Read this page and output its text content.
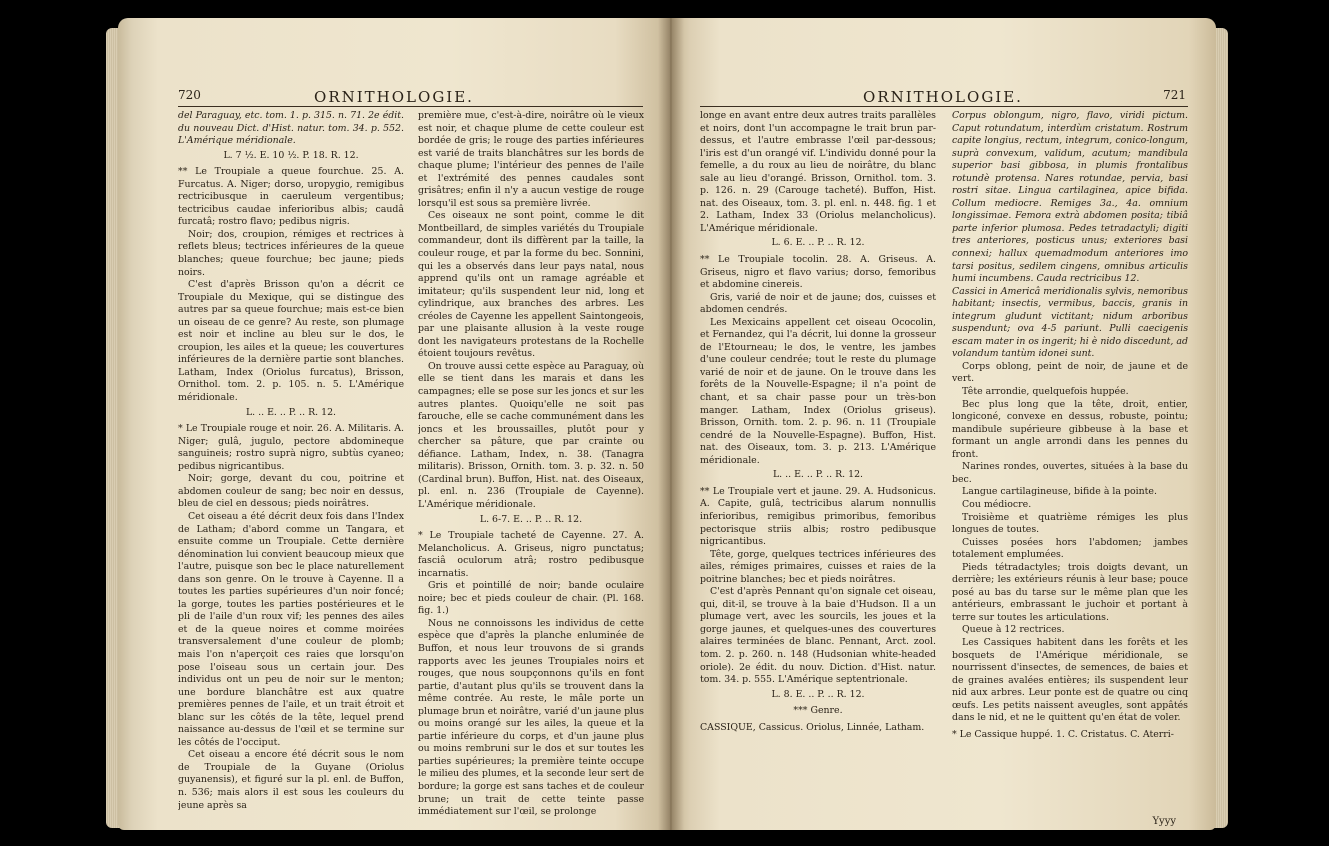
720	ORNITHOLOGIE.

del Paraguay, etc. tom. 1. p. 315. n. 71. 2e édit. du nouveau Dict. d'Hist. natur. tom. 34. p. 552. L'Amérique méridionale.

L. 7 ½. E. 10 ½. P. 18. R. 12.

** Le Troupiale a queue fourchue. 25. A. Furcatus. A. Niger; dorso, uropygio, remigibus rectricibusque in caeruleum vergentibus; tectricibus caudae inferioribus albis; caudâ furcatâ; rostro flavo; pedibus nigris.

Noir; dos, croupion, rémiges et rectrices à reflets bleus; tectrices inférieures de la queue blanches; queue fourchue; bec jaune; pieds noirs.

C'est d'après Brisson qu'on a décrit ce Troupiale du Mexique, qui se distingue des autres par sa queue fourchue; mais est-ce bien un oiseau de ce genre? Au reste, son plumage est noir et incline au bleu sur le dos, le croupion, les ailes et la queue; les couvertures inférieures de la dernière partie sont blanches. Latham, Index (Oriolus furcatus), Brisson, Ornithol. tom. 2. p. 105. n. 5. L'Amérique méridionale.

L. .. E. .. P. .. R. 12.

* Le Troupiale rouge et noir. 26. A. Militaris. A. Niger; gulâ, jugulo, pectore abdomineque sanguineis; rostro suprà nigro, subtùs cyaneo; pedibus nigricantibus.

Noir; gorge, devant du cou, poitrine et abdomen couleur de sang; bec noir en dessus, bleu de ciel en dessous; pieds noirâtres.

Cet oiseau a été décrit deux fois dans l'Index de Latham; d'abord comme un Tangara, et ensuite comme un Troupiale. Cette dernière dénomination lui convient beaucoup mieux que l'autre, puisque son bec le place naturellement dans son genre. On le trouve à Cayenne. Il a toutes les parties supérieures d'un noir foncé; la gorge, toutes les parties postérieures et le pli de l'aile d'un roux vif; les pennes des ailes et de la queue noires et comme moirées transversalement d'une couleur de plomb; mais l'on n'aperçoit ces raies que lorsqu'on pose l'oiseau sous un certain jour. Des individus ont un peu de noir sur le menton; une bordure blanchâtre est aux quatre premières pennes de l'aile, et un trait étroit et blanc sur les côtés de la tête, lequel prend naissance au-dessus de l'œil et se termine sur les côtés de l'occiput.

Cet oiseau a encore été décrit sous le nom de Troupiale de la Guyane (Oriolus guyanensis), et figuré sur la pl. enl. de Buffon, n. 536; mais alors il est sous les couleurs du jeune après sa

première mue, c'est-à-dire, noirâtre où le vieux est noir, et chaque plume de cette couleur est bordée de gris; le rouge des parties inférieures est varié de traits blanchâtres sur les bords de chaque plume; l'intérieur des pennes de l'aile et l'extrémité des pennes caudales sont grisâtres; enfin il n'y a aucun vestige de rouge lorsqu'il est sous sa première livrée.

Ces oiseaux ne sont point, comme le dit Montbeillard, de simples variétés du Troupiale commandeur, dont ils diffèrent par la taille, la couleur rouge, et par la forme du bec. Sonnini, qui les a observés dans leur pays natal, nous apprend qu'ils ont un ramage agréable et imitateur; qu'ils suspendent leur nid, long et cylindrique, aux branches des arbres. Les créoles de Cayenne les appellent Saintongeois, par une plaisante allusion à la veste rouge dont les navigateurs protestans de la Rochelle étoient toujours revêtus.

On trouve aussi cette espèce au Paraguay, où elle se tient dans les marais et dans les campagnes; elle se pose sur les joncs et sur les autres plantes. Quoiqu'elle ne soit pas farouche, elle se cache communément dans les joncs et les broussailles, plutôt pour y chercher sa pâture, que par crainte ou défiance. Latham, Index, n. 38. (Tanagra militaris). Brisson, Ornith. tom. 3. p. 32. n. 50 (Cardinal brun). Buffon, Hist. nat. des Oiseaux, pl. enl. n. 236 (Troupiale de Cayenne). L'Amérique méridionale.

L. 6-7. E. .. P. .. R. 12.

* Le Troupiale tacheté de Cayenne. 27. A. Melancholicus. A. Griseus, nigro punctatus; fasciâ oculorum atrâ; rostro pedibusque incarnatis.

Gris et pointillé de noir; bande oculaire noire; bec et pieds couleur de chair. (Pl. 168. fig. 1.)

Nous ne connoissons les individus de cette espèce que d'après la planche enluminée de Buffon, et nous leur trouvons de si grands rapports avec les jeunes Troupiales noirs et rouges, que nous soupçonnons qu'ils en font partie, d'autant plus qu'ils se trouvent dans la même contrée. Au reste, le mâle porte un plumage brun et noirâtre, varié d'un jaune plus ou moins orangé sur les ailes, la queue et la partie inférieure du corps, et d'un jaune plus ou moins rembruni sur le dos et sur toutes les parties supérieures; la première teinte occupe le milieu des plumes, et la seconde leur sert de bordure; la gorge est sans taches et de couleur brune; un trait de cette teinte passe immédiatement sur l'œil, se prolonge

ORNITHOLOGIE.	721

longe en avant entre deux autres traits parallèles et noirs, dont l'un accompagne le trait brun par-dessus, et l'autre embrasse l'œil par-dessous; l'iris est d'un orangé vif. L'individu donné pour la femelle, a du roux au lieu de noirâtre, du blanc sale au lieu d'orangé. Brisson, Ornithol. tom. 3. p. 126. n. 29 (Carouge tacheté). Buffon, Hist. nat. des Oiseaux, tom. 3. pl. enl. n. 448. fig. 1 et 2. Latham, Index 33 (Oriolus melancholicus). L'Amérique méridionale.

L. 6. E. .. P. .. R. 12.

** Le Troupiale tocolin. 28. A. Griseus. A. Griseus, nigro et flavo varius; dorso, femoribus et abdomine cinereis.

Gris, varié de noir et de jaune; dos, cuisses et abdomen cendrés.

Les Mexicains appellent cet oiseau Ococolin, et Fernandez, qui l'a décrit, lui donne la grosseur de l'Etourneau; le dos, le ventre, les jambes d'une couleur cendrée; tout le reste du plumage varié de noir et de jaune. On le trouve dans les forêts de la Nouvelle-Espagne; il n'a point de chant, et sa chair passe pour un très-bon manger. Latham, Index (Oriolus griseus). Brisson, Ornith. tom. 2. p. 96. n. 11 (Troupiale cendré de la Nouvelle-Espagne). Buffon, Hist. nat. des Oiseaux, tom. 3. p. 213. L'Amérique méridionale.

L. .. E. .. P. .. R. 12.

** Le Troupiale vert et jaune. 29. A. Hudsonicus. A. Capite, gulâ, tectricibus alarum nonnullis inferioribus, remigibus primoribus, femoribus pectorisque striis albis; rostro pedibusque nigricantibus.

Tête, gorge, quelques tectrices inférieures des ailes, rémiges primaires, cuisses et raies de la poitrine blanches; bec et pieds noirâtres.

C'est d'après Pennant qu'on signale cet oiseau, qui, dit-il, se trouve à la baie d'Hudson. Il a un plumage vert, avec les sourcils, les joues et la gorge jaunes, et quelques-unes des couvertures alaires terminées de blanc. Pennant, Arct. zool. tom. 2. p. 260. n. 148 (Hudsonian white-headed oriole). 2e édit. du nouv. Diction. d'Hist. natur. tom. 34. p. 555. L'Amérique septentrionale.

L. 8. E. .. P. .. R. 12.

*** Genre.

CASSIQUE, Cassicus. Oriolus, Linnée, Latham.

Corpus oblongum, nigro, flavo, viridi pictum. Caput rotundatum, interdùm cristatum. Rostrum capite longius, rectum, integrum, conico-longum, suprà convexum, validum, acutum; mandibula superior basi gibbosa, in plumis frontalibus rotundè protensa. Nares rotundae, pervia, basi rostri sitae. Lingua cartilaginea, apice bifida. Collum mediocre. Remiges 3a., 4a. omnium longissimae. Femora extrà abdomen posita; tibiâ parte inferior plumosa. Pedes tetradactyli; digiti tres anteriores, posticus unus; exteriores basi connexi; hallux quemadmodum anteriores imo tarsi positus, sedilem cingens, omnibus articulis humi incumbens. Cauda rectricibus 12.

Cassici in Americâ meridionalis sylvis, nemoribus habitant; insectis, vermibus, baccis, granis in integrum gludunt victitant; nidum arboribus suspendunt; ova 4-5 pariunt. Pulli caecigenis escam mater in os ingerit; hi è nido discedunt, ad volandum tantùm idonei sunt.

Corps oblong, peint de noir, de jaune et de vert.

Tête arrondie, quelquefois huppée.

Bec plus long que la tête, droit, entier, longiconé, convexe en dessus, robuste, pointu; mandibule supérieure gibbeuse à la base et formant un angle arrondi dans les pennes du front.

Narines rondes, ouvertes, situées à la base du bec.

Langue cartilagineuse, bifide à la pointe.

Cou médiocre.

Troisième et quatrième rémiges les plus longues de toutes.

Cuisses posées hors l'abdomen; jambes totalement emplumées.

Pieds tétradactyles; trois doigts devant, un derrière; les extérieurs réunis à leur base; pouce posé au bas du tarse sur le même plan que les antérieurs, embrassant le juchoir et portant à terre sur toutes les articulations.

Queue à 12 rectrices.

Les Cassiques habitent dans les forêts et les bosquets de l'Amérique méridionale, se nourrissent d'insectes, de semences, de baies et de graines avalées entières; ils suspendent leur nid aux arbres. Leur ponte est de quatre ou cinq œufs. Les petits naissent aveugles, sont appâtés dans le nid, et ne le quittent qu'en état de voler.

* Le Cassique huppé. 1. C. Cristatus. C. Aterri-

Yyyy
